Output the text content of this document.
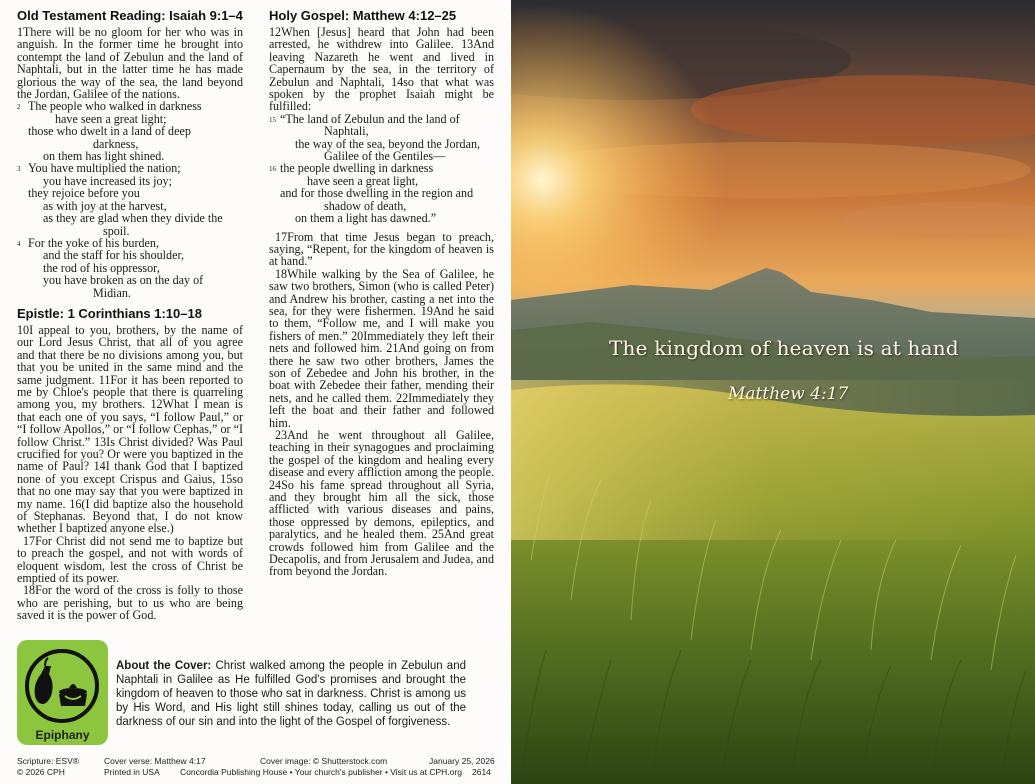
Old Testament Reading: Isaiah 9:1–4

1There will be no gloom for her who was in anguish. In the former time he brought into contempt the land of Zebulun and the land of Naphtali, but in the latter time he has made glorious the way of the sea, the land beyond the Jordan, Galilee of the nations.

2 The people who walked in darkness
have seen a great light;
those who dwelt in a land of deep
darkness,
on them has light shined.
3 You have multiplied the nation;
you have increased its joy;
they rejoice before you
as with joy at the harvest,
as they are glad when they divide the
spoil.
4 For the yoke of his burden,
and the staff for his shoulder,
the rod of his oppressor,
you have broken as on the day of
Midian.
Epistle: 1 Corinthians 1:10–18

10I appeal to you, brothers, by the name of our Lord Jesus Christ, that all of you agree and that there be no divisions among you, but that you be united in the same mind and the same judgment. 11For it has been reported to me by Chloe's people that there is quarreling among you, my brothers. 12What I mean is that each one of you says, “I follow Paul,” or “I follow Apollos,” or “I follow Cephas,” or “I follow Christ.” 13Is Christ divided? Was Paul crucified for you? Or were you baptized in the name of Paul? 14I thank God that I baptized none of you except Crispus and Gaius, 15so that no one may say that you were baptized in my name. 16(I did baptize also the household of Stephanas. Beyond that, I do not know whether I baptized anyone else.)

17For Christ did not send me to baptize but to preach the gospel, and not with words of eloquent wisdom, lest the cross of Christ be emptied of its power.

18For the word of the cross is folly to those who are perishing, but to us who are being saved it is the power of God.

Holy Gospel: Matthew 4:12–25

12When [Jesus] heard that John had been arrested, he withdrew into Galilee. 13And leaving Nazareth he went and lived in Capernaum by the sea, in the territory of Zebulun and Naphtali, 14so that what was spoken by the prophet Isaiah might be fulfilled:

15 “The land of Zebulun and the land of
Naphtali,
the way of the sea, beyond the Jordan,
Galilee of the Gentiles—
16 the people dwelling in darkness
have seen a great light,
and for those dwelling in the region and
shadow of death,
on them a light has dawned.”

17From that time Jesus began to preach, saying, “Repent, for the kingdom of heaven is at hand.”

18While walking by the Sea of Galilee, he saw two brothers, Simon (who is called Peter) and Andrew his brother, casting a net into the sea, for they were fishermen. 19And he said to them, “Follow me, and I will make you fishers of men.” 20Immediately they left their nets and followed him. 21And going on from there he saw two other brothers, James the son of Zebedee and John his brother, in the boat with Zebedee their father, mending their nets, and he called them. 22Immediately they left the boat and their father and followed him.

23And he went throughout all Galilee, teaching in their synagogues and proclaiming the gospel of the kingdom and healing every disease and every affliction among the people. 24So his fame spread throughout all Syria, and they brought him all the sick, those afflicted with various diseases and pains, those oppressed by demons, epileptics, and paralytics, and he healed them. 25And great crowds followed him from Galilee and the Decapolis, and from Jerusalem and Judea, and from beyond the Jordan.

Epiphany
About the Cover: Christ walked among the people in Zebulun and Naphtali in Galilee as He fulfilled God's promises and brought the kingdom of heaven to those who sat in darkness. Christ is among us by His Word, and His light still shines today, calling us out of the darkness of our sin and into the light of the Gospel of forgiveness.
Scripture: ESV®
© 2026 CPH
Cover verse: Matthew 4:17
Printed in USA
Cover image: © Shutterstock.com
Concordia Publishing House • Your church's publisher • Visit us at CPH.org
January 25, 2026
2614
The kingdom of heaven is at hand
Matthew 4:17
